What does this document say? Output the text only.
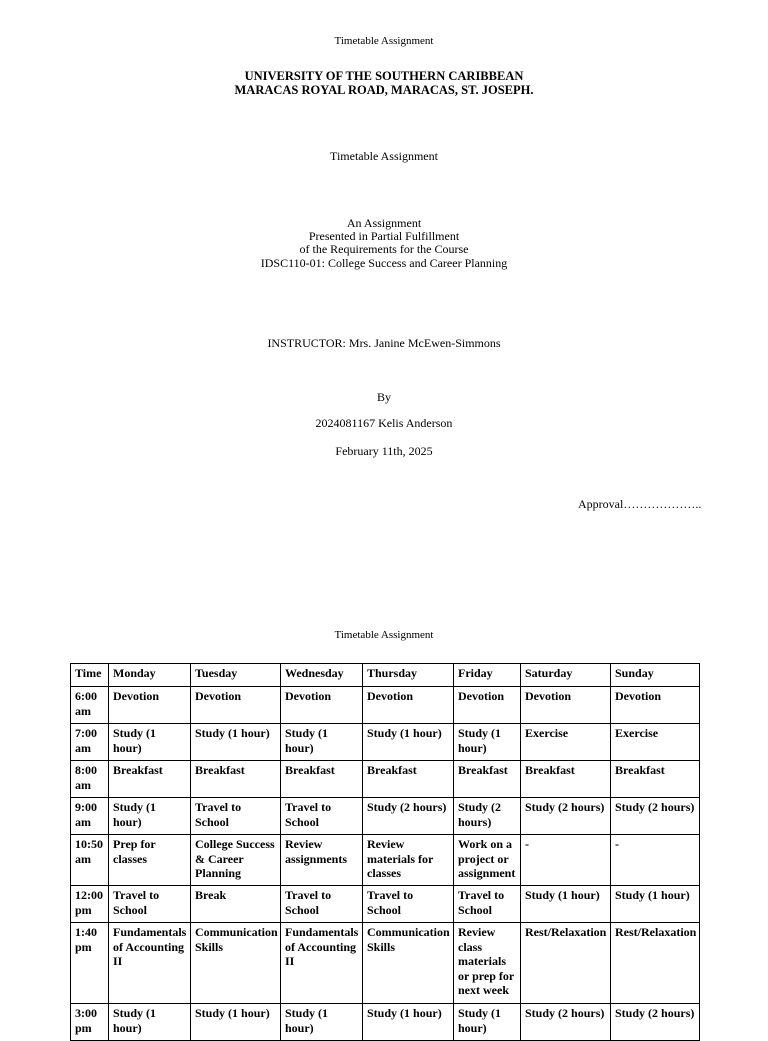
Timetable Assignment
UNIVERSITY OF THE SOUTHERN CARIBBEAN
MARACAS ROYAL ROAD, MARACAS, ST. JOSEPH.
Timetable Assignment
An Assignment
Presented in Partial Fulfillment
of the Requirements for the Course
IDSC110-01: College Success and Career Planning
INSTRUCTOR: Mrs. Janine McEwen-Simmons
By
2024081167 Kelis Anderson
February 11th, 2025
Approval………………..
Timetable Assignment
Time	Monday	Tuesday	Wednesday	Thursday	Friday	Saturday	Sunday
6:00 am	Devotion	Devotion	Devotion	Devotion	Devotion	Devotion	Devotion
7:00 am	Study (1 hour)	Study (1 hour)	Study (1 hour)	Study (1 hour)	Study (1 hour)	Exercise	Exercise
8:00 am	Breakfast	Breakfast	Breakfast	Breakfast	Breakfast	Breakfast	Breakfast
9:00 am	Study (1 hour)	Travel to School	Travel to School	Study (2 hours)	Study (2 hours)	Study (2 hours)	Study (2 hours)
10:50 am	Prep for classes	College Success & Career Planning	Review assignments	Review materials for classes	Work on a project or assignment	-	-
12:00 pm	Travel to School	Break	Travel to School	Travel to School	Travel to School	Study (1 hour)	Study (1 hour)
1:40 pm	Fundamentals of Accounting II	Communication Skills	Fundamentals of Accounting II	Communication Skills	Review class materials or prep for next week	Rest/Relaxation	Rest/Relaxation
3:00 pm	Study (1 hour)	Study (1 hour)	Study (1 hour)	Study (1 hour)	Study (1 hour)	Study (2 hours)	Study (2 hours)
